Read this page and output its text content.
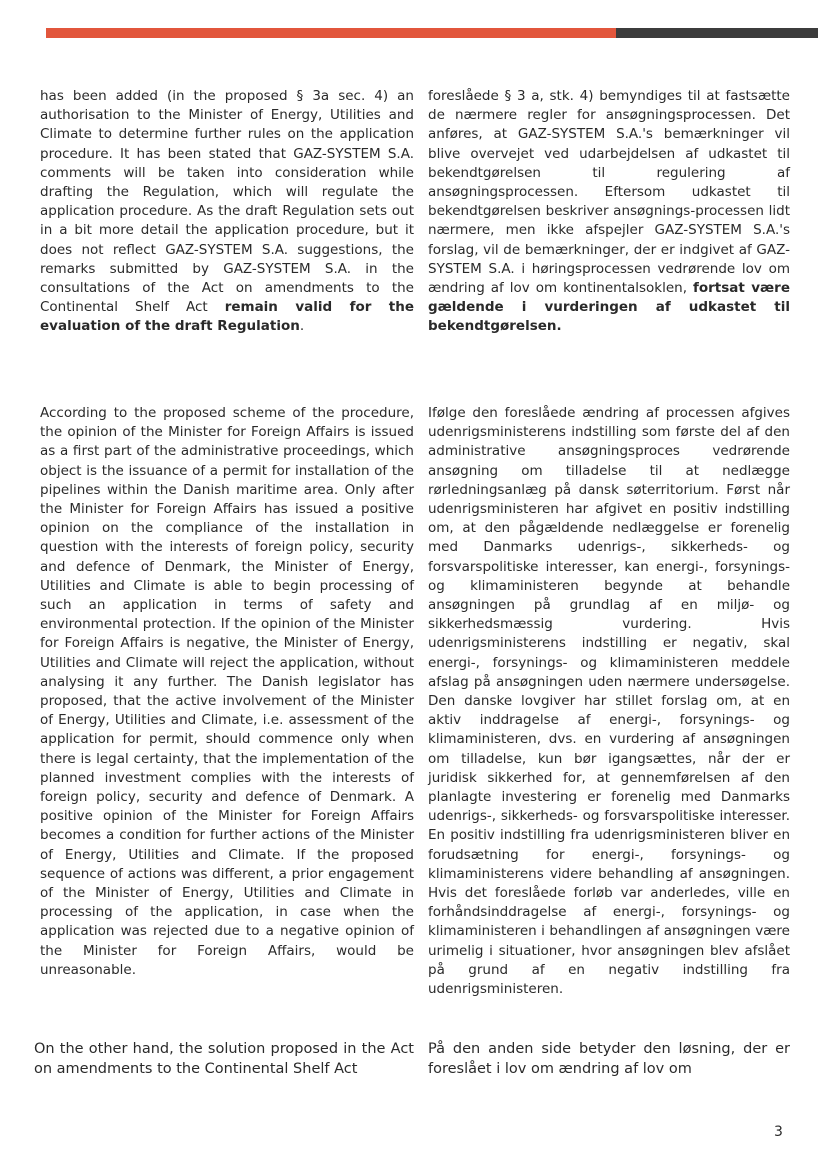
has been added (in the proposed § 3a sec. 4) an authorisation to the Minister of Energy, Utilities and Climate to determine further rules on the application procedure. It has been stated that GAZ-SYSTEM S.A. comments will be taken into consideration while drafting the Regulation, which will regulate the application procedure. As the draft Regulation sets out in a bit more detail the application procedure, but it does not reflect GAZ-SYSTEM S.A. suggestions, the remarks submitted by GAZ-SYSTEM S.A. in the consultations of the Act on amendments to the Continental Shelf Act remain valid for the evaluation of the draft Regulation.

foreslåede § 3 a, stk. 4) bemyndiges til at fastsætte de nærmere regler for ansøgningsprocessen. Det anføres, at GAZ-SYSTEM S.A.'s bemærkninger vil blive overvejet ved udarbejdelsen af udkastet til bekendtgørelsen til regulering af ansøgningsprocessen. Eftersom udkastet til bekendtgørelsen beskriver ansøgnings-processen lidt nærmere, men ikke afspejler GAZ-SYSTEM S.A.'s forslag, vil de bemærkninger, der er indgivet af GAZ-SYSTEM S.A. i høringsprocessen vedrørende lov om ændring af lov om kontinentalsoklen, fortsat være gældende i vurderingen af udkastet til bekendtgørelsen.

According to the proposed scheme of the procedure, the opinion of the Minister for Foreign Affairs is issued as a first part of the administrative proceedings, which object is the issuance of a permit for installation of the pipelines within the Danish maritime area. Only after the Minister for Foreign Affairs has issued a positive opinion on the compliance of the installation in question with the interests of foreign policy, security and defence of Denmark, the Minister of Energy, Utilities and Climate is able to begin processing of such an application in terms of safety and environmental protection. If the opinion of the Minister for Foreign Affairs is negative, the Minister of Energy, Utilities and Climate will reject the application, without analysing it any further. The Danish legislator has proposed, that the active involvement of the Minister of Energy, Utilities and Climate, i.e. assessment of the application for permit, should commence only when there is legal certainty, that the implementation of the planned investment complies with the interests of foreign policy, security and defence of Denmark. A positive opinion of the Minister for Foreign Affairs becomes a condition for further actions of the Minister of Energy, Utilities and Climate. If the proposed sequence of actions was different, a prior engagement of the Minister of Energy, Utilities and Climate in processing of the application, in case when the application was rejected due to a negative opinion of the Minister for Foreign Affairs, would be unreasonable.

Ifølge den foreslåede ændring af processen afgives udenrigsministerens indstilling som første del af den administrative ansøgningsproces vedrørende ansøgning om tilladelse til at nedlægge rørledningsanlæg på dansk søterritorium. Først når udenrigsministeren har afgivet en positiv indstilling om, at den pågældende nedlæggelse er forenelig med Danmarks udenrigs-, sikkerheds- og forsvarspolitiske interesser, kan energi-, forsynings- og klimaministeren begynde at behandle ansøgningen på grundlag af en miljø- og sikkerhedsmæssig vurdering. Hvis udenrigsministerens indstilling er negativ, skal energi-, forsynings- og klimaministeren meddele afslag på ansøgningen uden nærmere undersøgelse. Den danske lovgiver har stillet forslag om, at en aktiv inddragelse af energi-, forsynings- og klimaministeren, dvs. en vurdering af ansøgningen om tilladelse, kun bør igangsættes, når der er juridisk sikkerhed for, at gennemførelsen af den planlagte investering er forenelig med Danmarks udenrigs-, sikkerheds- og forsvarspolitiske interesser. En positiv indstilling fra udenrigsministeren bliver en forudsætning for energi-, forsynings- og klimaministerens videre behandling af ansøgningen. Hvis det foreslåede forløb var anderledes, ville en forhåndsinddragelse af energi-, forsynings- og klimaministeren i behandlingen af ansøgningen være urimelig i situationer, hvor ansøgningen blev afslået på grund af en negativ indstilling fra udenrigsministeren.

On the other hand, the solution proposed in the Act on amendments to the Continental Shelf Act

På den anden side betyder den løsning, der er foreslået i lov om ændring af lov om

3
